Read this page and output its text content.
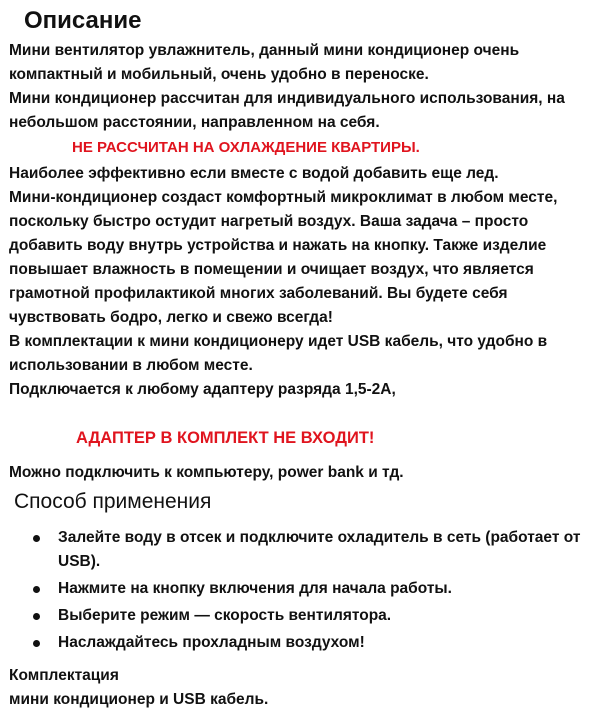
Описание
Мини вентилятор увлажнитель, данный мини кондиционер очень
компактный и мобильный, очень удобно в переноске.
Мини кондиционер рассчитан для индивидуального использования, на
небольшом расстоянии, направленном на себя.
НЕ РАССЧИТАН НА ОХЛАЖДЕНИЕ КВАРТИРЫ.
Наиболее эффективно если вместе с водой добавить еще лед.
Мини-кондиционер создаст комфортный микроклимат в любом месте,
поскольку быстро остудит нагретый воздух. Ваша задача – просто
добавить воду внутрь устройства и нажать на кнопку. Также изделие
повышает влажность в помещении и очищает воздух, что является
грамотной профилактикой многих заболеваний. Вы будете себя
чувствовать бодро, легко и свежо всегда!
В комплектации к мини кондиционеру идет USB кабель, что удобно в
использовании в любом месте.
Подключается к любому адаптеру разряда 1,5-2А,
АДАПТЕР В КОМПЛЕКТ НЕ ВХОДИТ!
Можно подключить к компьютеру, power bank и тд.
Способ применения
Залейте воду в отсек и подключите охладитель в сеть (работает от
USB).
Нажмите на кнопку включения для начала работы.
Выберите режим — скорость вентилятора.
Наслаждайтесь прохладным воздухом!
Комплектация
мини кондиционер и USB кабель.
